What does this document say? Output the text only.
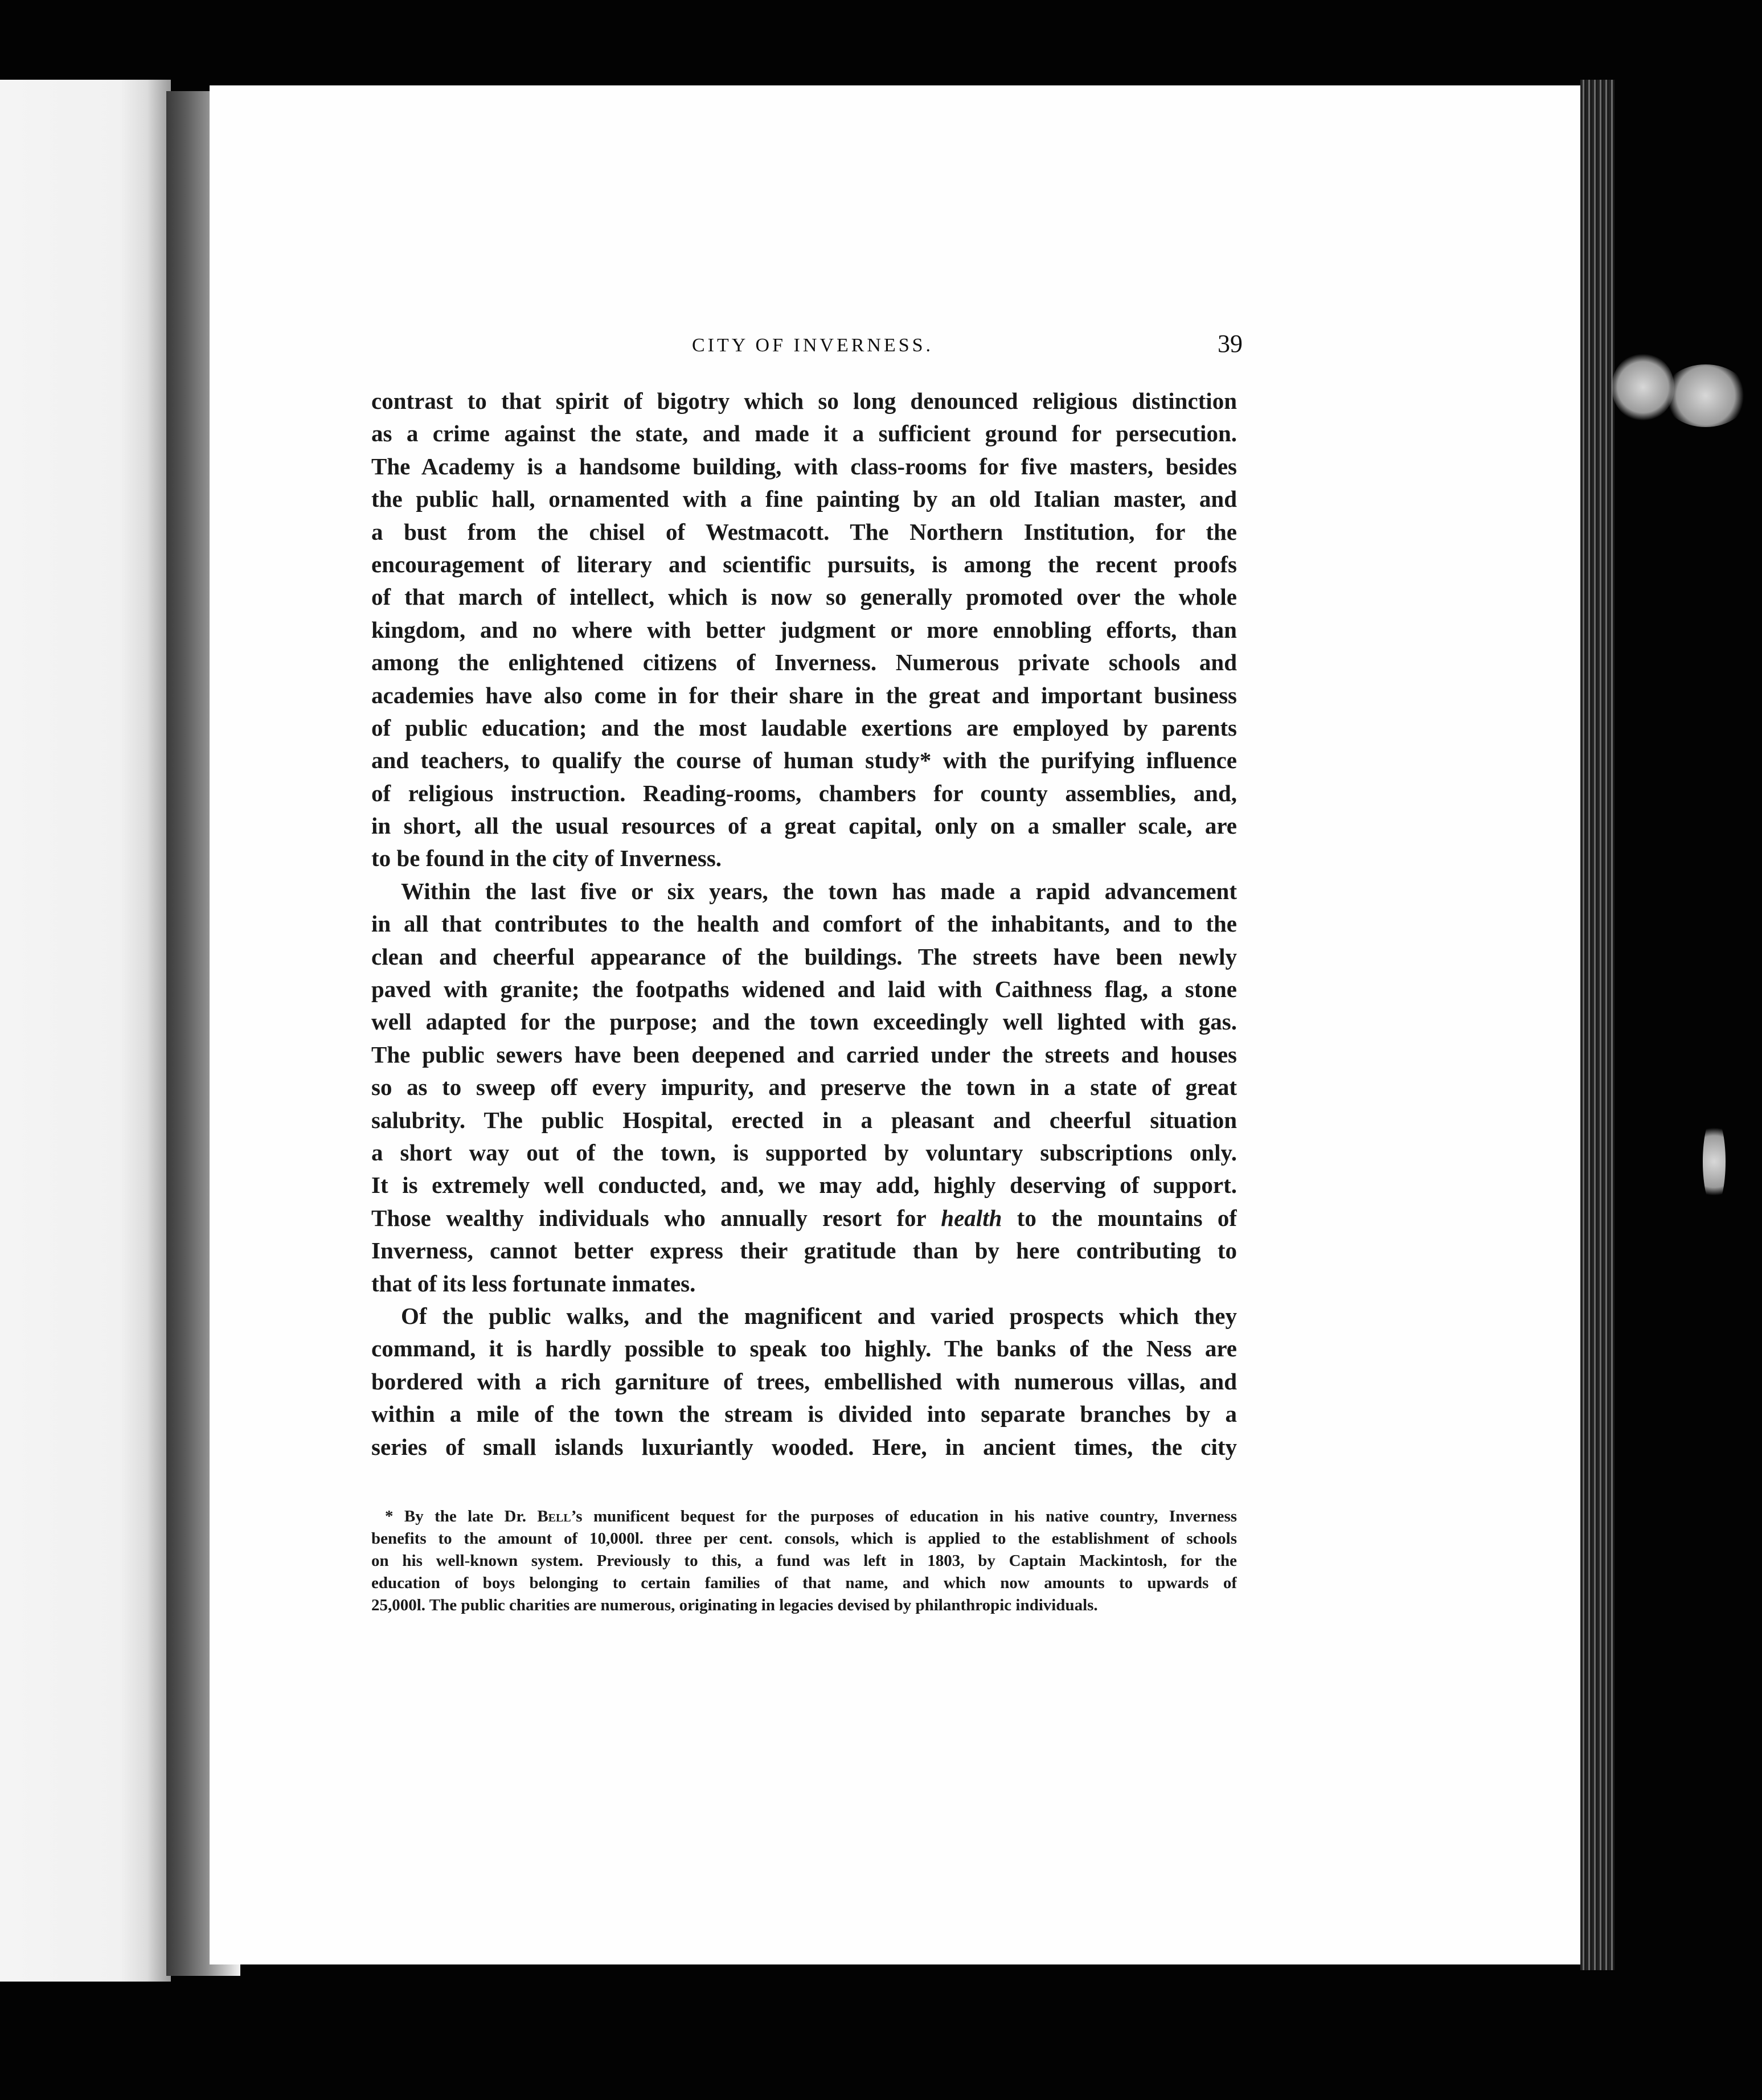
CITY OF INVERNESS.	39
contrast to that spirit of bigotry which so long denounced religious distinction
as a crime against the state, and made it a sufficient ground for persecution.
The Academy is a handsome building, with class-rooms for five masters, besides
the public hall, ornamented with a fine painting by an old Italian master, and
a bust from the chisel of Westmacott. The Northern Institution, for the
encouragement of literary and scientific pursuits, is among the recent proofs
of that march of intellect, which is now so generally promoted over the whole
kingdom, and no where with better judgment or more ennobling efforts, than
among the enlightened citizens of Inverness. Numerous private schools and
academies have also come in for their share in the great and important business
of public education; and the most laudable exertions are employed by parents
and teachers, to qualify the course of human study* with the purifying influence
of religious instruction. Reading-rooms, chambers for county assemblies, and,
in short, all the usual resources of a great capital, only on a smaller scale, are
to be found in the city of Inverness.
Within the last five or six years, the town has made a rapid advancement
in all that contributes to the health and comfort of the inhabitants, and to the
clean and cheerful appearance of the buildings. The streets have been newly
paved with granite; the footpaths widened and laid with Caithness flag, a stone
well adapted for the purpose; and the town exceedingly well lighted with gas.
The public sewers have been deepened and carried under the streets and houses
so as to sweep off every impurity, and preserve the town in a state of great
salubrity. The public Hospital, erected in a pleasant and cheerful situation
a short way out of the town, is supported by voluntary subscriptions only.
It is extremely well conducted, and, we may add, highly deserving of support.
Those wealthy individuals who annually resort for health to the mountains of
Inverness, cannot better express their gratitude than by here contributing to
that of its less fortunate inmates.
Of the public walks, and the magnificent and varied prospects which they
command, it is hardly possible to speak too highly. The banks of the Ness are
bordered with a rich garniture of trees, embellished with numerous villas, and
within a mile of the town the stream is divided into separate branches by a
series of small islands luxuriantly wooded. Here, in ancient times, the city
* By the late Dr. Bell’s munificent bequest for the purposes of education in his native country, Inverness
benefits to the amount of 10,000l. three per cent. consols, which is applied to the establishment of schools
on his well-known system. Previously to this, a fund was left in 1803, by Captain Mackintosh, for the
education of boys belonging to certain families of that name, and which now amounts to upwards of
25,000l. The public charities are numerous, originating in legacies devised by philanthropic individuals.
